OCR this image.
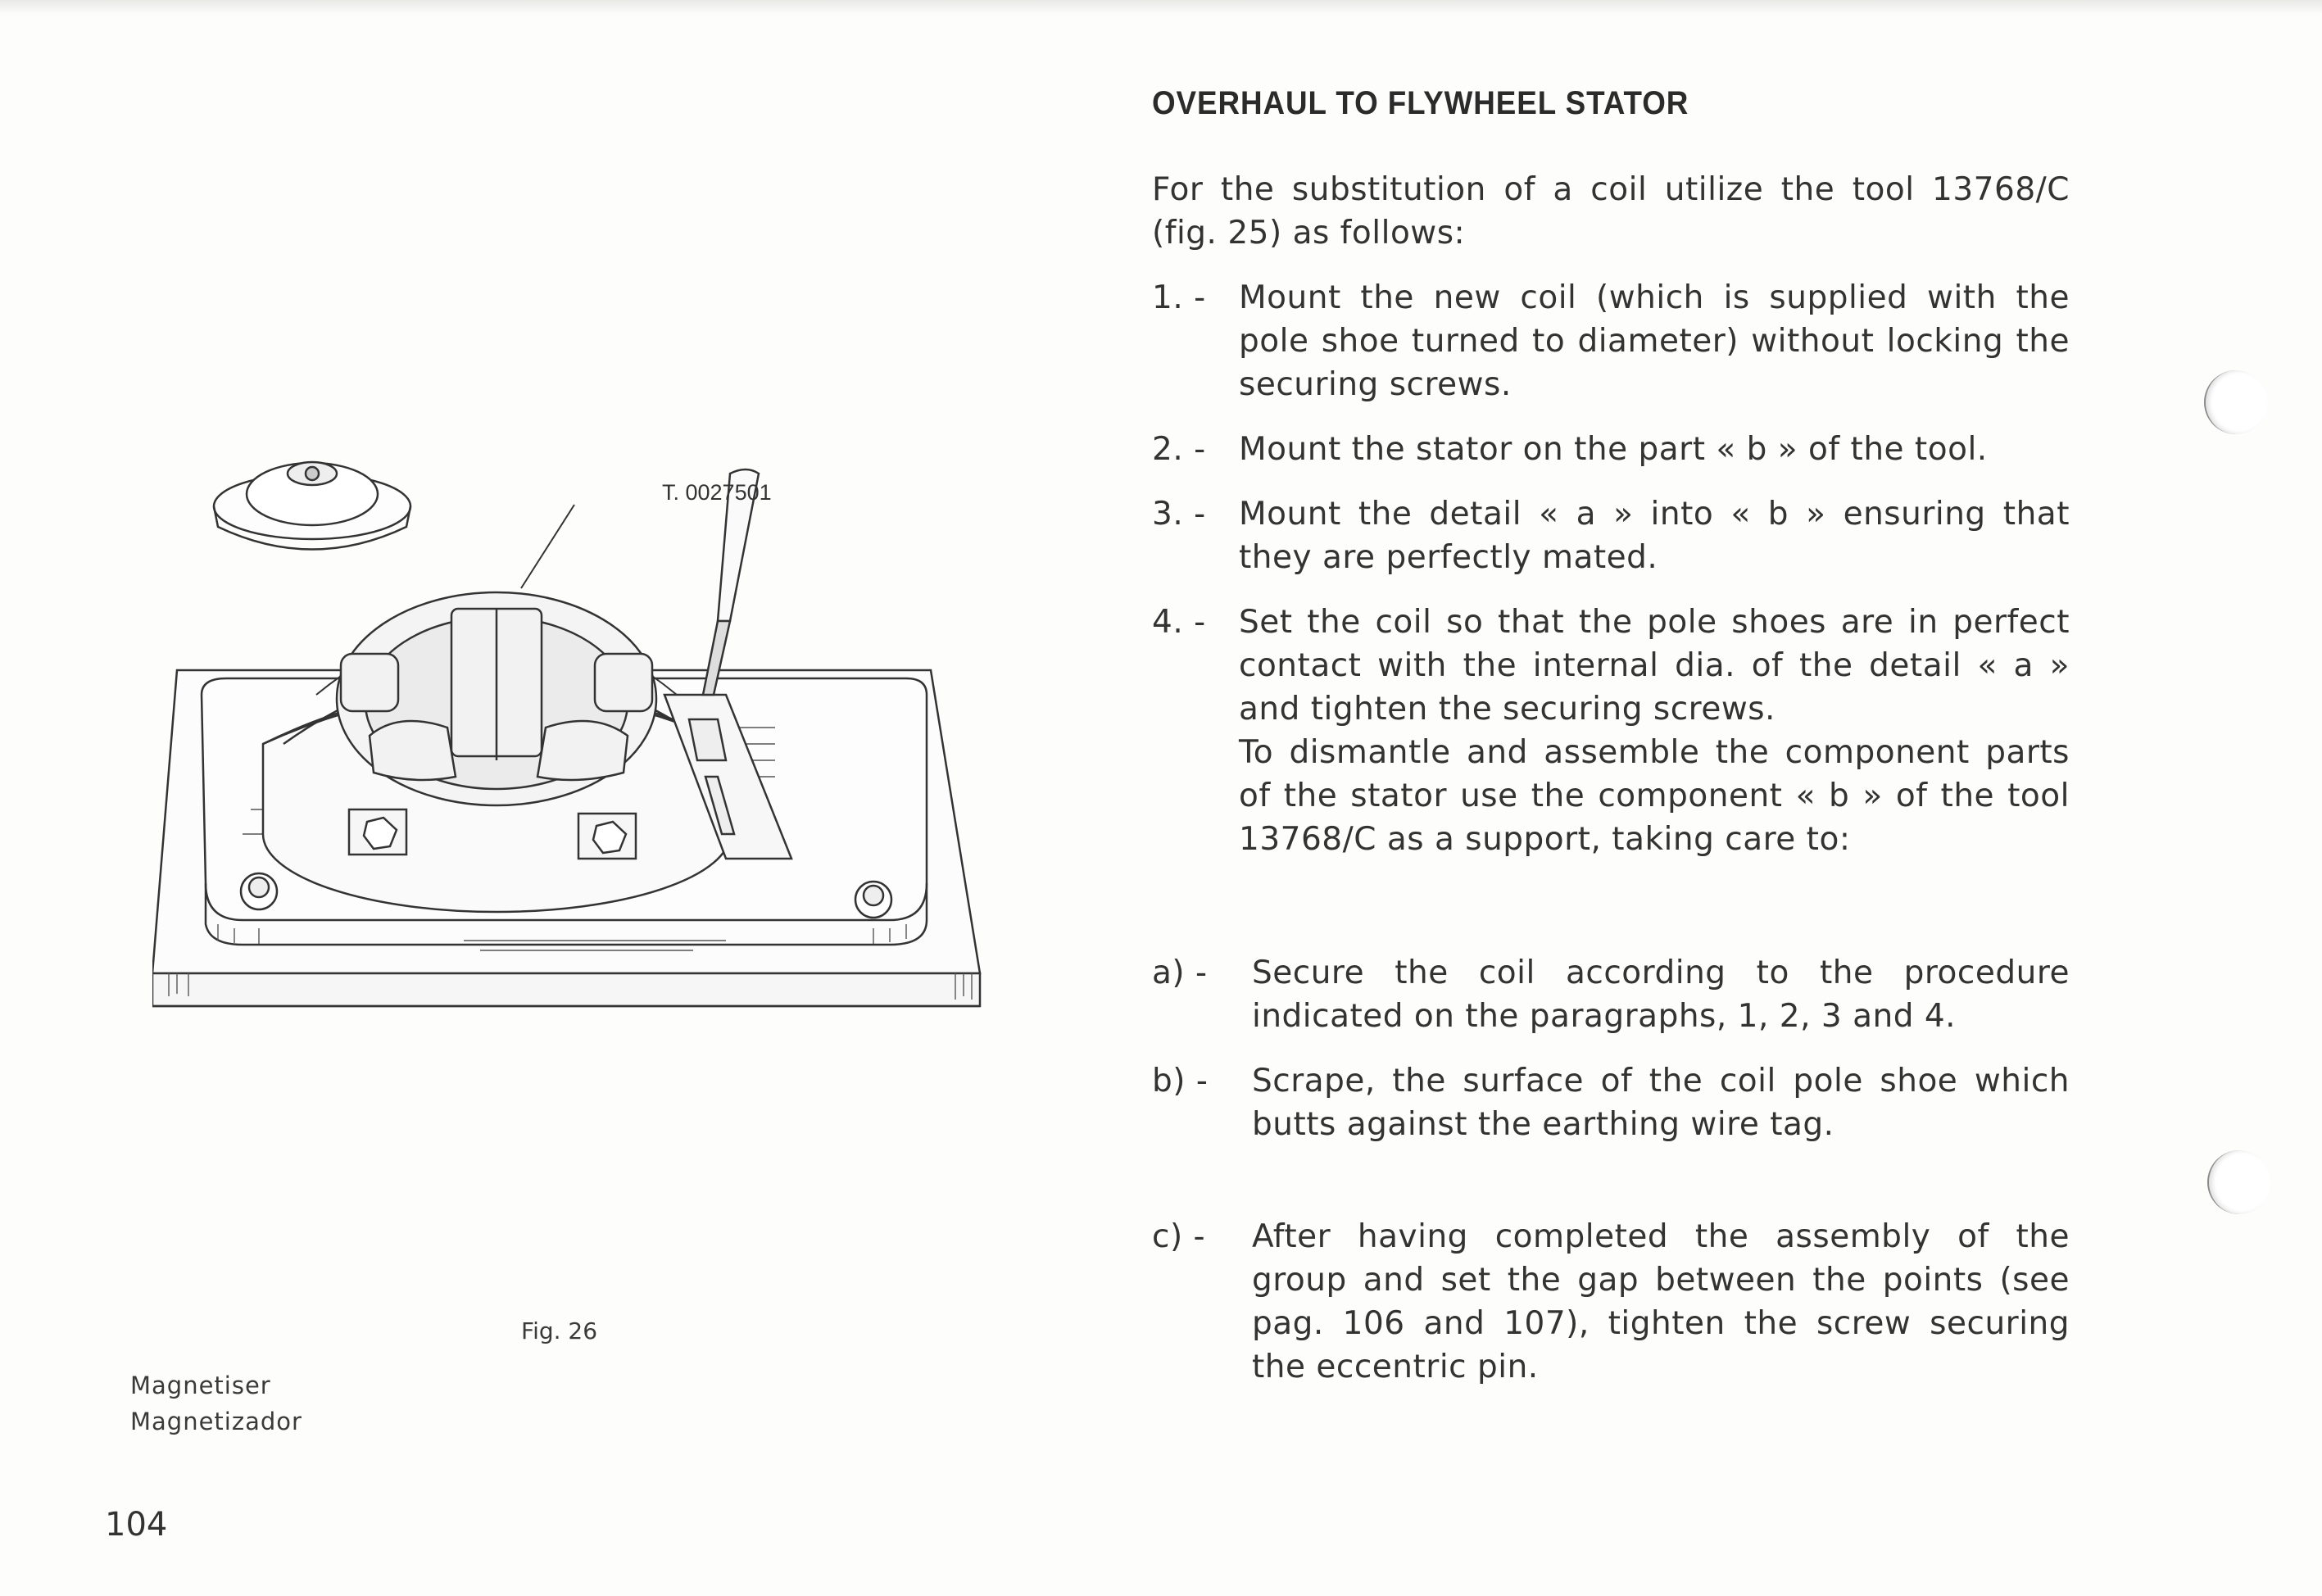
T. 0027501
Fig. 26
Magnetiser
Magnetizador
104
OVERHAUL TO FLYWHEEL STATOR

For the substitution of a coil utilize the tool 13768/C (fig. 25) as follows:

1. -	Mount the new coil (which is supplied with the pole shoe turned to diameter) without locking the securing screws.
2. -	Mount the stator on the part « b » of the tool.
3. -	Mount the detail « a » into « b » ensuring that they are perfectly mated.
4. -	Set the coil so that the pole shoes are in perfect contact with the internal dia. of the detail « a » and tighten the securing screws.
To dismantle and assemble the component parts of the stator use the component « b » of the tool 13768/C as a support, taking care to:
a) -	Secure the coil according to the procedure indicated on the paragraphs, 1, 2, 3 and 4.
b) -	Scrape, the surface of the coil pole shoe which butts against the earthing wire tag.
c) -	After having completed the assembly of the group and set the gap between the points (see pag. 106 and 107), tighten the screw securing the eccentric pin.
